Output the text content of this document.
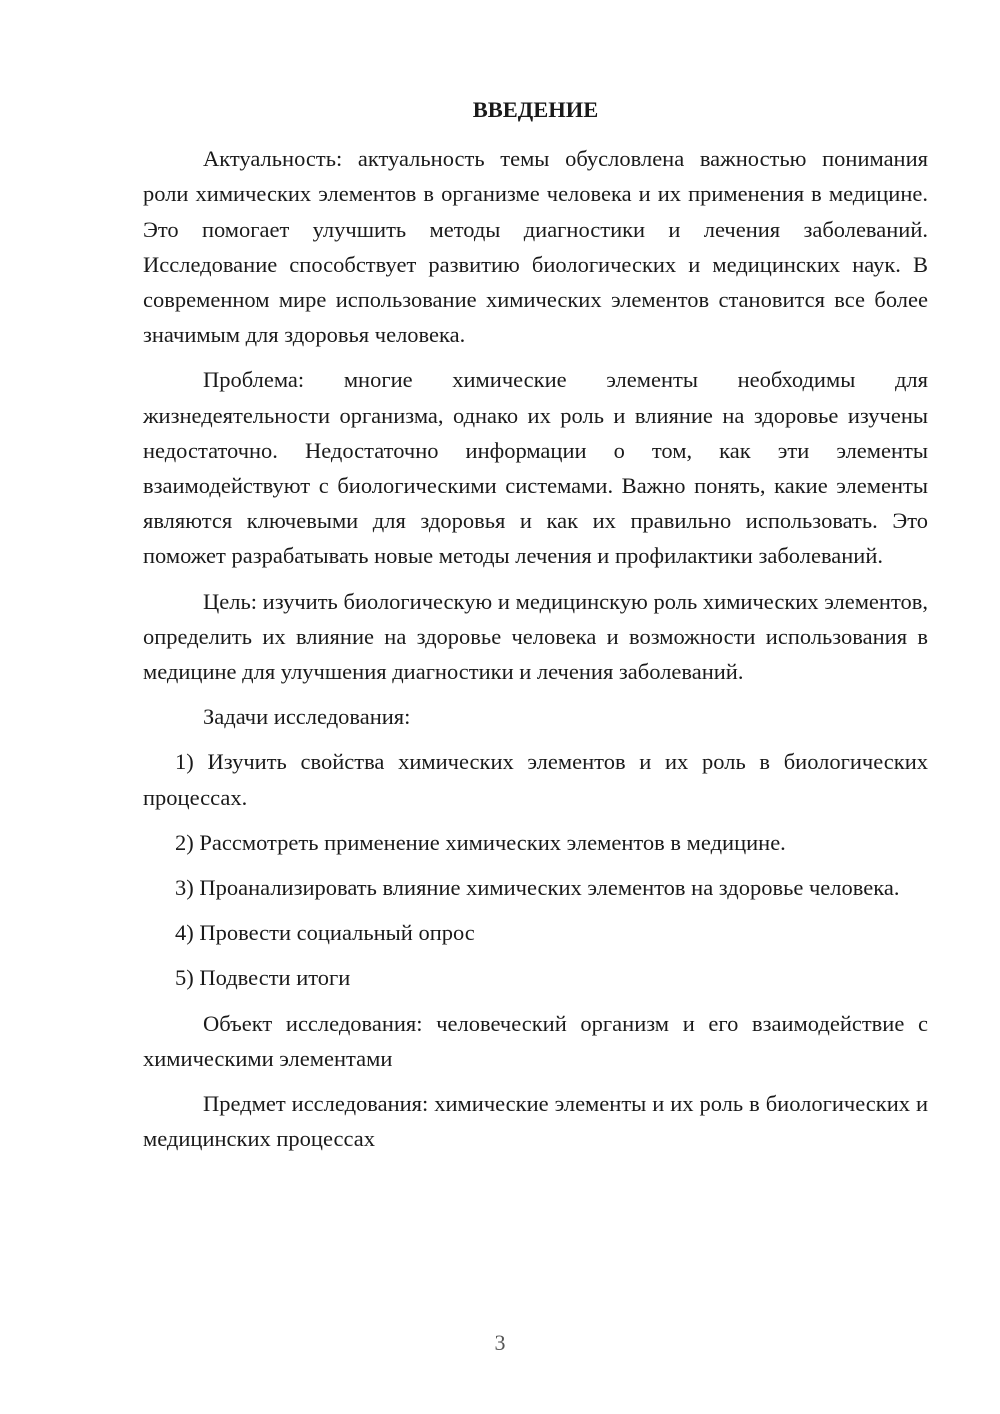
ВВЕДЕНИЕ

Актуальность: актуальность темы обусловлена важностью понимания роли химических элементов в организме человека и их применения в медицине. Это помогает улучшить методы диагностики и лечения заболеваний. Исследование способствует развитию биологических и медицинских наук. В современном мире использование химических элементов становится все более значимым для здоровья человека.

Проблема: многие химические элементы необходимы для жизнедеятельности организма, однако их роль и влияние на здоровье изучены недостаточно. Недостаточно информации о том, как эти элементы взаимодействуют с биологическими системами. Важно понять, какие элементы являются ключевыми для здоровья и как их правильно использовать. Это поможет разрабатывать новые методы лечения и профилактики заболеваний.

Цель: изучить биологическую и медицинскую роль химических элементов, определить их влияние на здоровье человека и возможности использования в медицине для улучшения диагностики и лечения заболеваний.

Задачи исследования:

1) Изучить свойства химических элементов и их роль в биологических процессах.

2) Рассмотреть применение химических элементов в медицине.

3) Проанализировать влияние химических элементов на здоровье человека.

4) Провести социальный опрос

5) Подвести итоги

Объект исследования: человеческий организм и его взаимодействие с химическими элементами

Предмет исследования: химические элементы и их роль в биологических и медицинских процессах

3
